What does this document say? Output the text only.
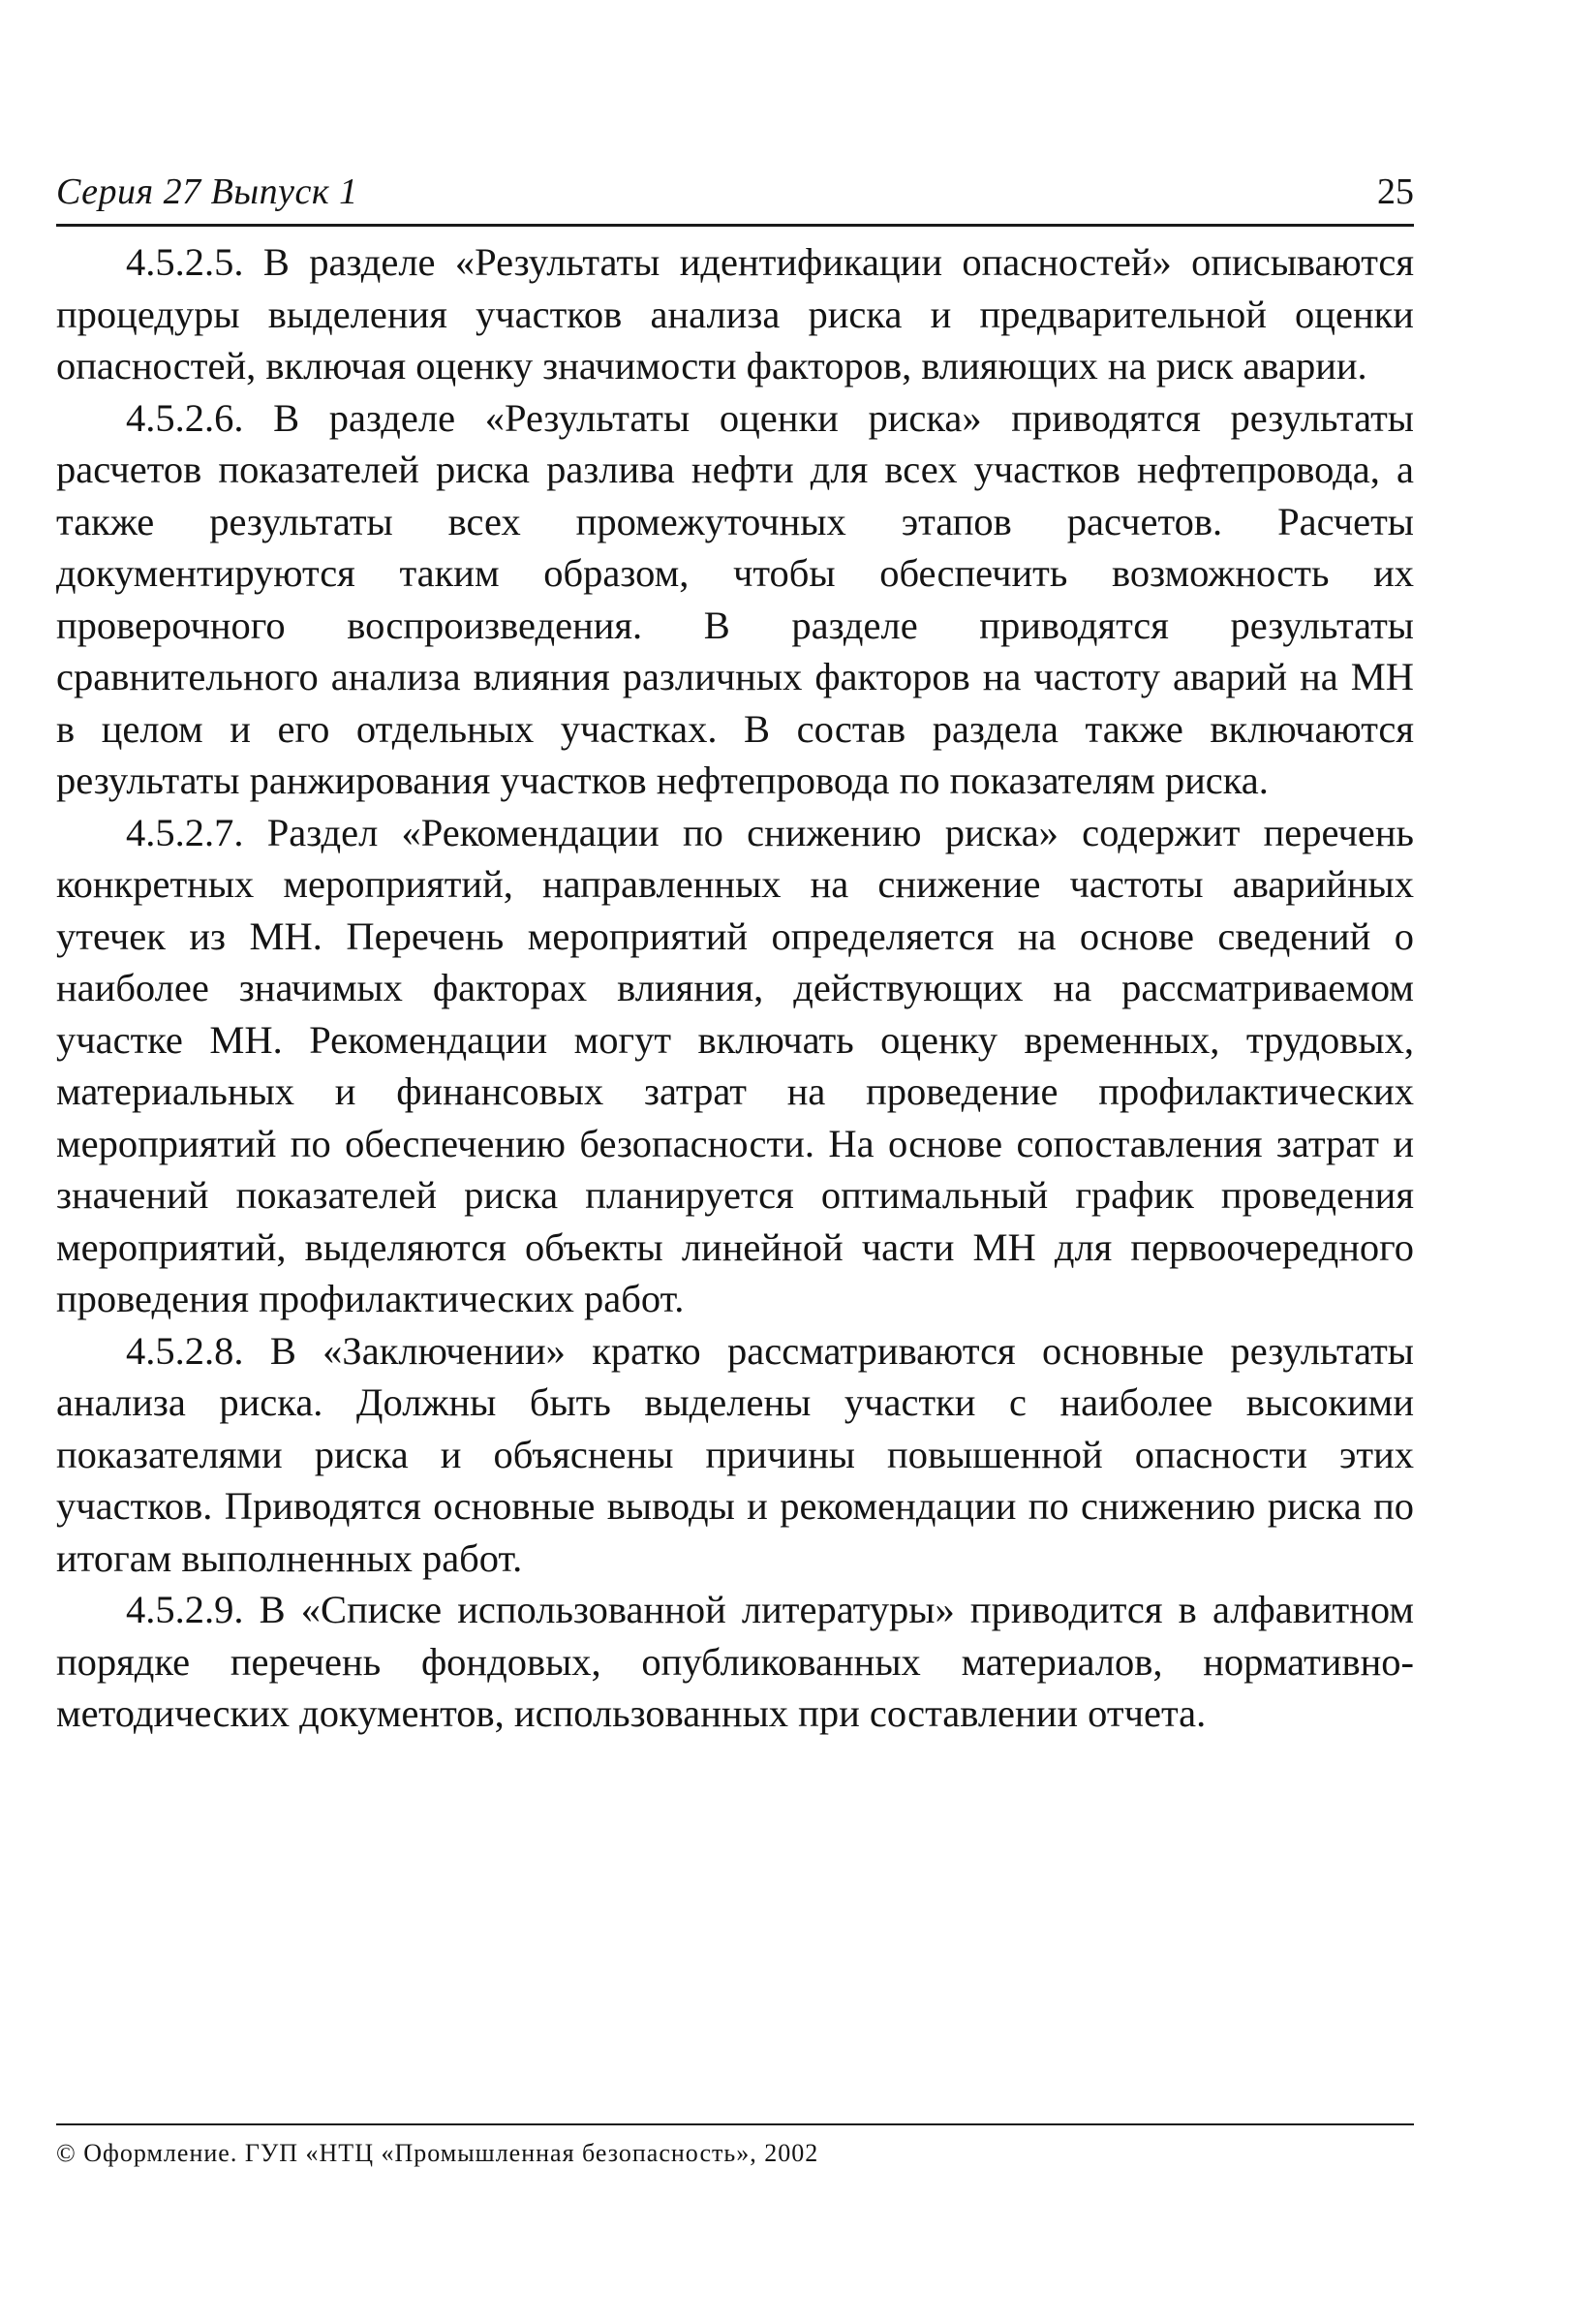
Серия 27 Выпуск 1	25

4.5.2.5. В разделе «Результаты идентификации опасностей» описываются процедуры выделения участков анализа риска и предварительной оценки опасностей, включая оценку значимости факторов, влияющих на риск аварии.

4.5.2.6. В разделе «Результаты оценки риска» приводятся результаты расчетов показателей риска разлива нефти для всех участков нефтепровода, а также результаты всех промежуточных этапов расчетов. Расчеты документируются таким образом, чтобы обеспечить возможность их проверочного воспроизведения. В разделе приводятся результаты сравнительного анализа влияния различных факторов на частоту аварий на МН в целом и его отдельных участках. В состав раздела также включаются результаты ранжирования участков нефтепровода по показателям риска.

4.5.2.7. Раздел «Рекомендации по снижению риска» содержит перечень конкретных мероприятий, направленных на снижение частоты аварийных утечек из МН. Перечень мероприятий определяется на основе сведений о наиболее значимых факторах влияния, действующих на рассматриваемом участке МН. Рекомендации могут включать оценку временных, трудовых, материальных и финансовых затрат на проведение профилактических мероприятий по обеспечению безопасности. На основе сопоставления затрат и значений показателей риска планируется оптимальный график проведения мероприятий, выделяются объекты линейной части МН для первоочередного проведения профилактических работ.

4.5.2.8. В «Заключении» кратко рассматриваются основные результаты анализа риска. Должны быть выделены участки с наиболее высокими показателями риска и объяснены причины повышенной опасности этих участков. Приводятся основные выводы и рекомендации по снижению риска по итогам выполненных работ.

4.5.2.9. В «Списке использованной литературы» приводится в алфавитном порядке перечень фондовых, опубликованных материалов, нормативно-методических документов, использованных при составлении отчета.

© Оформление. ГУП «НТЦ «Промышленная безопасность», 2002
